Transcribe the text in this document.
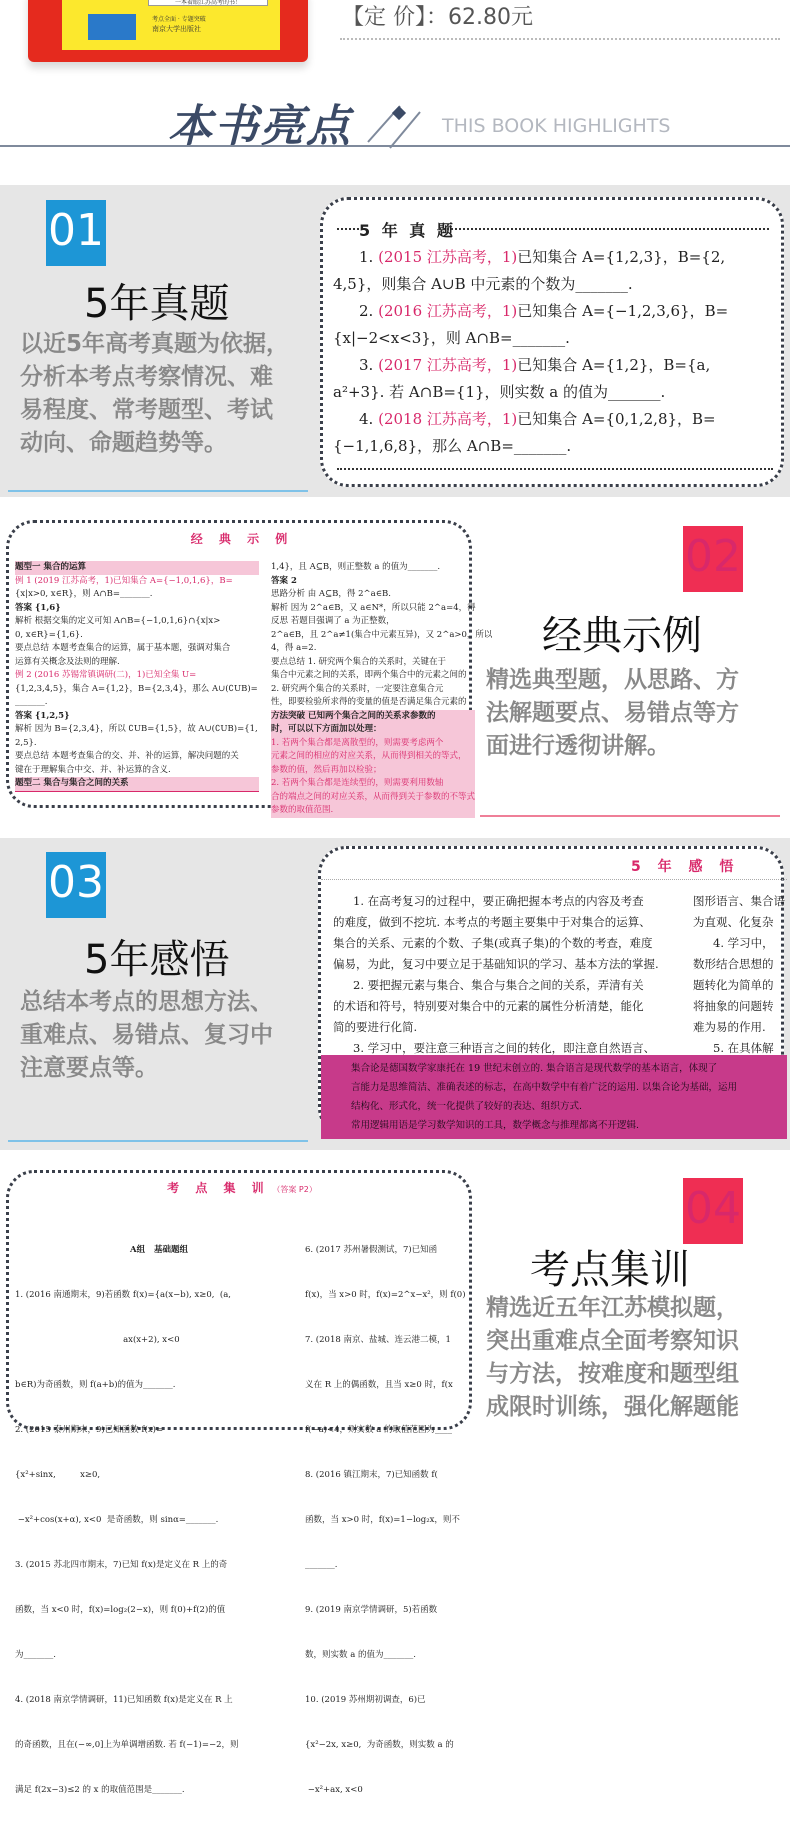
一本着眼江苏高考的书！
考点全面 · 专题突破
南京大学出版社	【定 价】：62.80元
本书亮点	THIS BOOK HIGHLIGHTS
01
5年真题
以近5年高考真题为依据，
分析本考点考察情况、难
易程度、常考题型、考试
动向、命题趋势等。
5 年 真 题
1. (2015 江苏高考，1)已知集合 A={1,2,3}，B={2,
4,5}，则集合 A∪B 中元素的个数为_______.
2. (2016 江苏高考，1)已知集合 A={−1,2,3,6}，B=
{x|−2<x<3}，则 A∩B=_______.
3. (2017 江苏高考，1)已知集合 A={1,2}，B={a,
a²+3}. 若 A∩B={1}，则实数 a 的值为_______.
4. (2018 江苏高考，1)已知集合 A={0,1,2,8}，B=
{−1,1,6,8}，那么 A∩B=_______.
经 典 示 例
题型一 集合的运算
例 1 (2019 江苏高考，1)已知集合 A={−1,0,1,6}，B=
{x|x>0, x∈R}，则 A∩B=_______.
答案 {1,6}
解析 根据交集的定义可知 A∩B={−1,0,1,6}∩{x|x>
0, x∈R}={1,6}.
要点总结 本题考查集合的运算，属于基本题，强调对集合
运算有关概念及法则的理解.
例 2 (2016 苏锡常镇调研(二)，1)已知全集 U=
{1,2,3,4,5}，集合 A={1,2}，B={2,3,4}，那么 A∪(∁UB)=
_______.
答案 {1,2,5}
解析 因为 B={2,3,4}，所以 ∁UB={1,5}，故 A∪(∁UB)={1,
2,5}.
要点总结 本题考查集合的交、并、补的运算，解决问题的关
键在于理解集合中交、并、补运算的含义.
题型二 集合与集合之间的关系
1,4}，且 A⊆B，则正整数 a 的值为_______.
答案 2
思路分析 由 A⊆B，得 2^a∈B.
解析 因为 2^a∈B，又 a∈N*，所以只能 2^a=4，得
反思 若题目强调了 a 为正整数，
2^a∈B，且 2^a≠1(集合中元素互异)，又 2^a>0，所以
4，得 a=2.
要点总结 1. 研究两个集合的关系时，关键在于
集合中元素之间的关系，即两个集合中的元素之间的
2. 研究两个集合的关系时，一定要注意集合元
性，即要检验所求得的变量的值是否满足集合元素的
方法突破 已知两个集合之间的关系求参数的
时，可以以下方面加以处理：
1. 若两个集合都是离散型的，则需要考虑两个
元素之间的相应的对应关系，从而得到相关的等式，
参数的值，然后再加以检验；
2. 若两个集合都是连续型的，则需要利用数轴
合的端点之间的对应关系，从而得到关于参数的不等式
参数的取值范围.
02
经典示例
精选典型题，从思路、方
法解题要点、易错点等方
面进行透彻讲解。
03
5年感悟
总结本考点的思想方法、
重难点、易错点、复习中
注意要点等。
5 年 感 悟
1. 在高考复习的过程中，要正确把握本考点的内容及考查
的难度，做到不挖坑. 本考点的考题主要集中于对集合的运算、
集合的关系、元素的个数、子集(或真子集)的个数的考查，难度
偏易，为此，复习中要立足于基础知识的学习、基本方法的掌握.
2. 要把握元素与集合、集合与集合之间的关系，弄清有关
的术语和符号，特别要对集合中的元素的属性分析清楚，能化
简的要进行化简.
3. 学习中，要注意三种语言之间的转化，即注意自然语言、
图形语言、集合语
为直观、化复杂
4. 学习中，
数形结合思想的
题转化为简单的
将抽象的问题转
难为易的作用.
5. 在具体解
集合论是德国数学家康托在 19 世纪末创立的. 集合语言是现代数学的基本语言，体现了
言能力是思维简洁、准确表述的标志，在高中数学中有着广泛的运用. 以集合论为基础，运用
结构化、形式化，统一化提供了较好的表达、组织方式.
常用逻辑用语是学习数学知识的工具，数学概念与推理都离不开逻辑.
考 点 集 训 （答案 P2）

A组   基础题组

1. (2016 南通期末，9)若函数 f(x)={a(x−b), x≥0,  (a,

ax(x+2), x<0

b∈R)为奇函数，则 f(a+b)的值为_______.

2. (2015 泰州期末，9)已知函数 f(x)=

{x²+sinx,         x≥0,

−x²+cos(x+α), x<0  是奇函数，则 sinα=_______.

3. (2015 苏北四市期末，7)已知 f(x)是定义在 R 上的奇

函数，当 x<0 时，f(x)=log₂(2−x)，则 f(0)+f(2)的值

为_______.

4. (2018 南京学情调研，11)已知函数 f(x)是定义在 R 上

的奇函数，且在(−∞,0]上为单调增函数. 若 f(−1)=−2，则

满足 f(2x−3)≤2 的 x 的取值范围是_______.

6. (2017 苏州暑假测试，7)已知函

f(x)，当 x>0 时，f(x)=2^x−x²，则 f(0)

7. (2018 南京、盐城、连云港二模，1

义在 R 上的偶函数，且当 x≥0 时，f(x

f(−a)<4，则实数 a 的取值范围为____

8. (2016 镇江期末，7)已知函数 f(

函数，当 x>0 时，f(x)=1−log₂x，则不

_______.

9. (2019 南京学情调研，5)若函数

数，则实数 a 的值为_______.

10. (2019 苏州期初调查，6)已

{x²−2x, x≥0,  为奇函数，则实数 a 的

−x²+ax, x<0

04
考点集训
精选近五年江苏模拟题，
突出重难点全面考察知识
与方法，按难度和题型组
成限时训练，强化解题能
